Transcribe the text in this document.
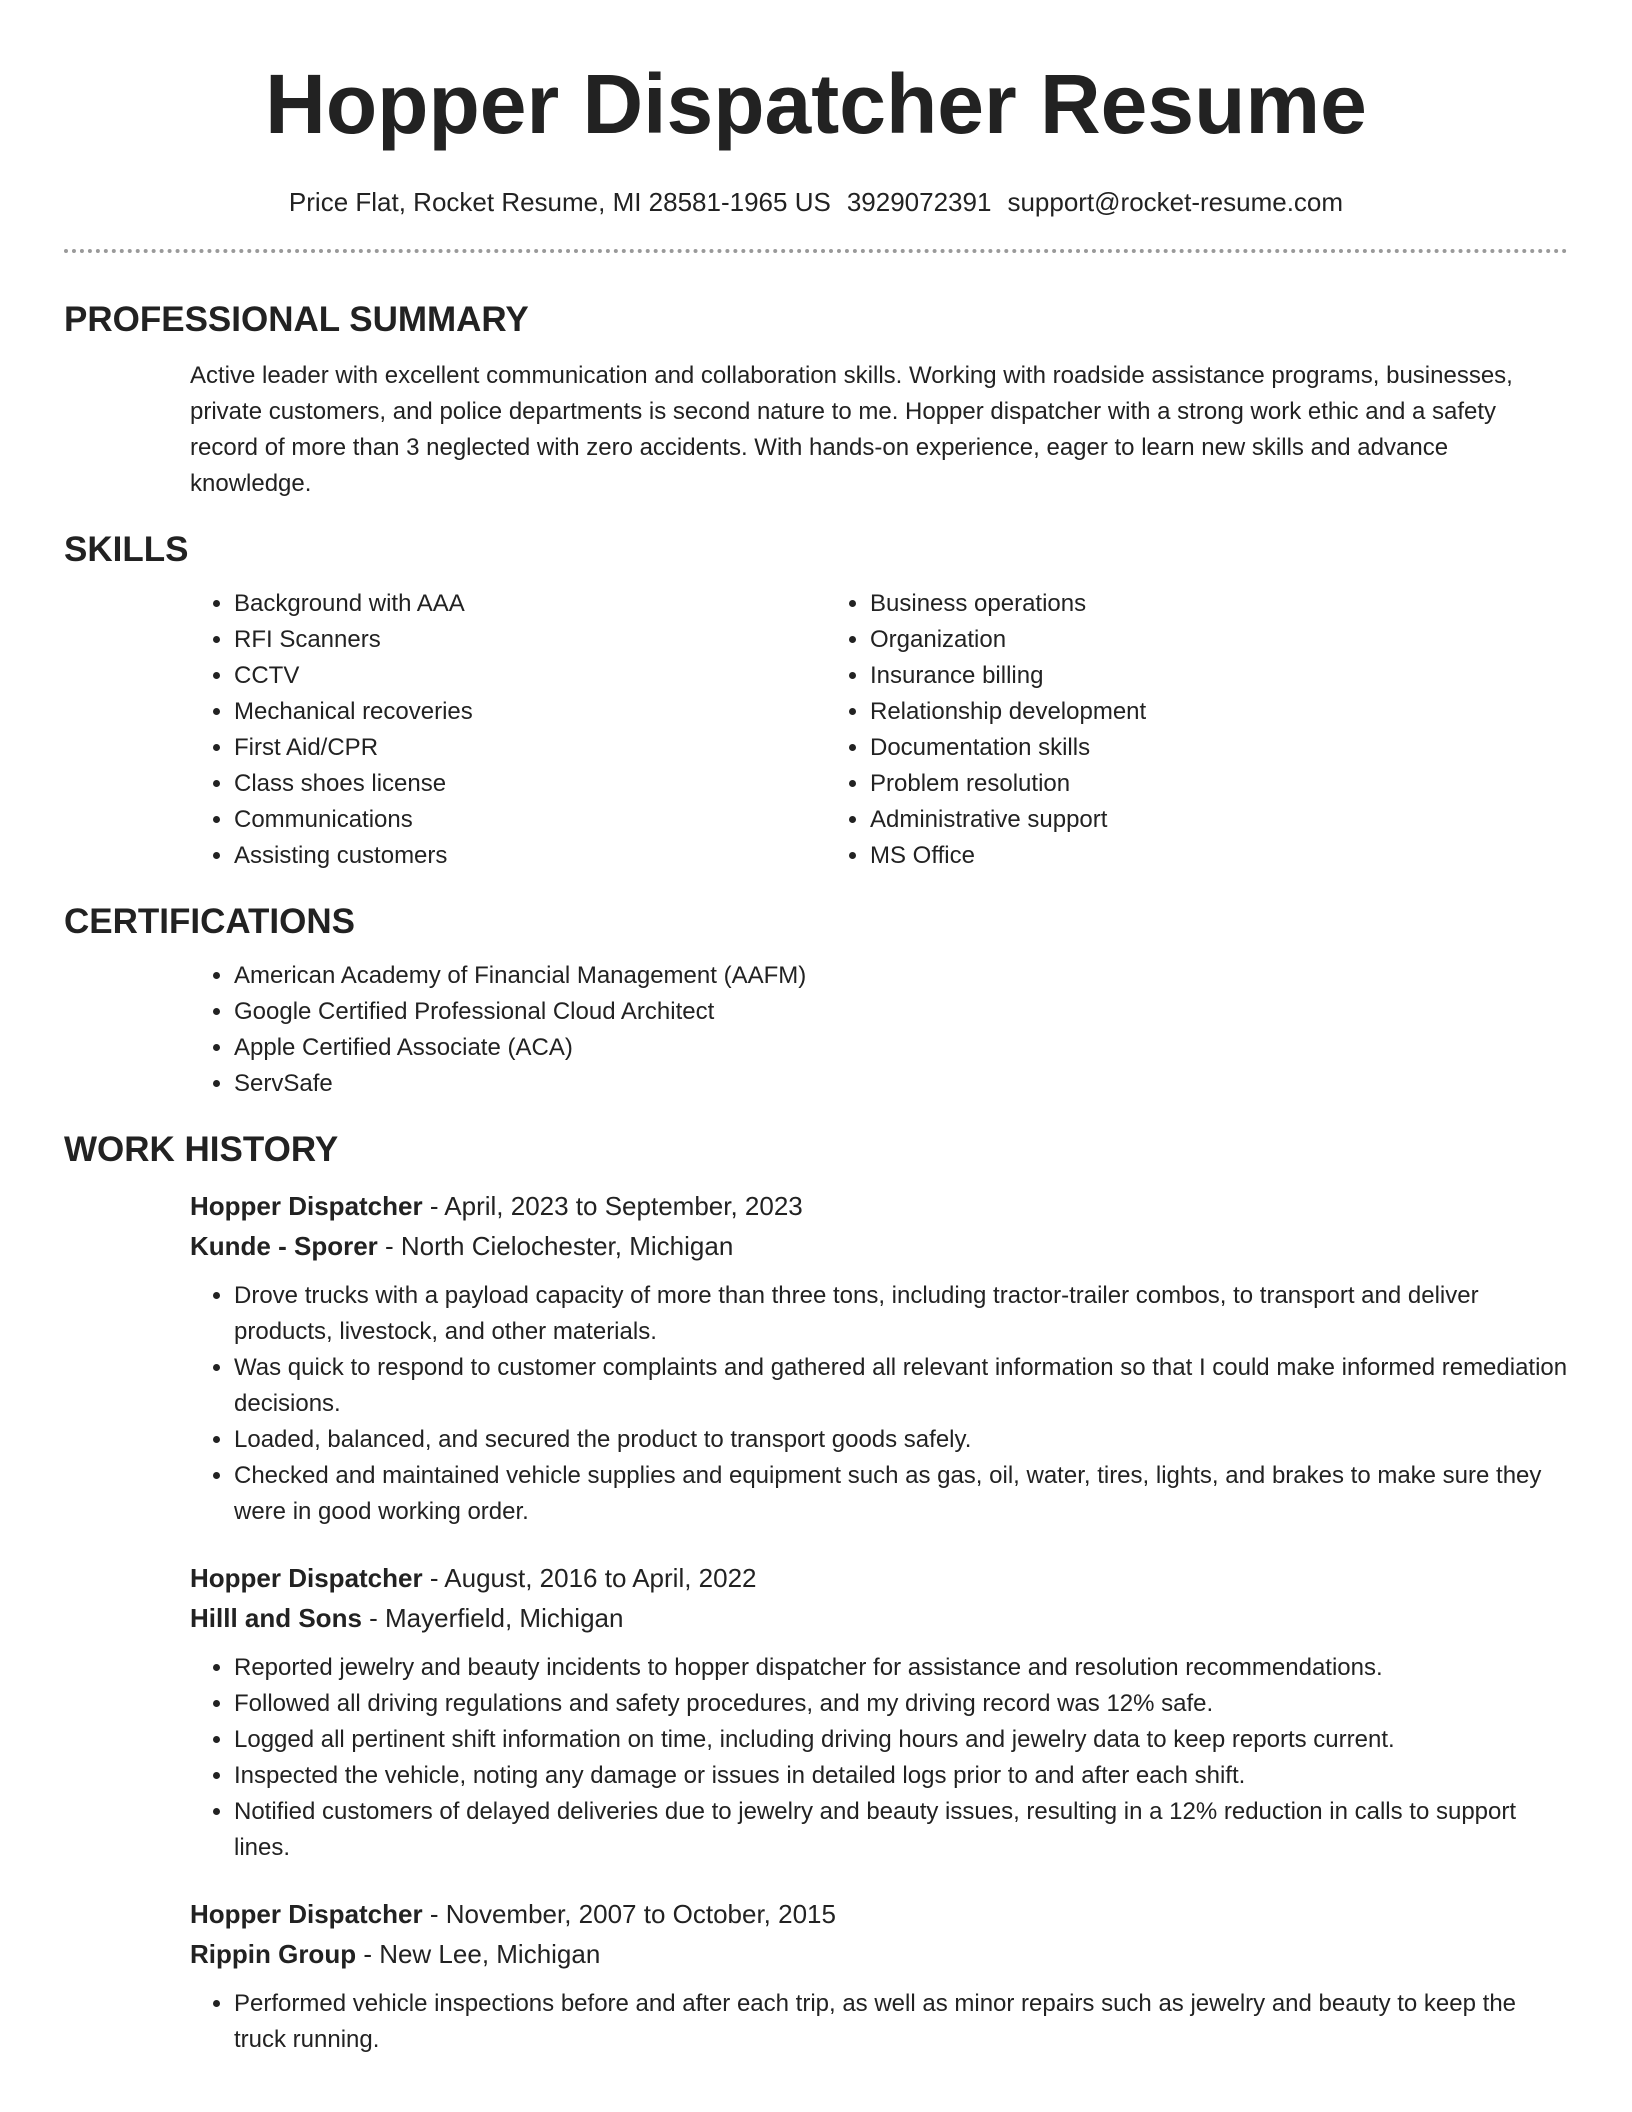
Hopper Dispatcher Resume
Price Flat, Rocket Resume, MI 28581-1965 US 3929072391 support@rocket-resume.com
PROFESSIONAL SUMMARY

Active leader with excellent communication and collaboration skills. Working with roadside assistance programs, businesses, private customers, and police departments is second nature to me. Hopper dispatcher with a strong work ethic and a safety record of more than 3 neglected with zero accidents. With hands-on experience, eager to learn new skills and advance knowledge.

SKILLS
• Background with AAA
• RFI Scanners
• CCTV
• Mechanical recoveries
• First Aid/CPR
• Class shoes license
• Communications
• Assisting customers
• Business operations
• Organization
• Insurance billing
• Relationship development
• Documentation skills
• Problem resolution
• Administrative support
• MS Office
CERTIFICATIONS
• American Academy of Financial Management (AAFM)
• Google Certified Professional Cloud Architect
• Apple Certified Associate (ACA)
• ServSafe
WORK HISTORY
Hopper Dispatcher - April, 2023 to September, 2023
Kunde - Sporer - North Cielochester, Michigan
• Drove trucks with a payload capacity of more than three tons, including tractor-trailer combos, to transport and deliver products, livestock, and other materials.
• Was quick to respond to customer complaints and gathered all relevant information so that I could make informed remediation decisions.
• Loaded, balanced, and secured the product to transport goods safely.
• Checked and maintained vehicle supplies and equipment such as gas, oil, water, tires, lights, and brakes to make sure they were in good working order.
Hopper Dispatcher - August, 2016 to April, 2022
Hilll and Sons - Mayerfield, Michigan
• Reported jewelry and beauty incidents to hopper dispatcher for assistance and resolution recommendations.
• Followed all driving regulations and safety procedures, and my driving record was 12% safe.
• Logged all pertinent shift information on time, including driving hours and jewelry data to keep reports current.
• Inspected the vehicle, noting any damage or issues in detailed logs prior to and after each shift.
• Notified customers of delayed deliveries due to jewelry and beauty issues, resulting in a 12% reduction in calls to support lines.
Hopper Dispatcher - November, 2007 to October, 2015
Rippin Group - New Lee, Michigan
• Performed vehicle inspections before and after each trip, as well as minor repairs such as jewelry and beauty to keep the truck running.
